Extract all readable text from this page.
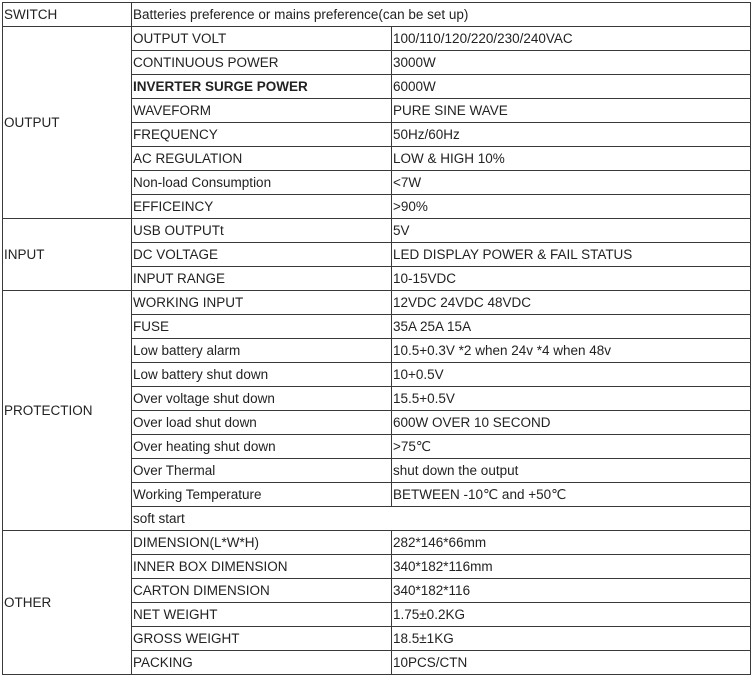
SWITCH	Batteries preference or mains preference(can be set up)	
OUTPUT	OUTPUT VOLT	100/110/120/220/230/240VAC
	CONTINUOUS POWER	3000W
	INVERTER SURGE POWER	6000W
	WAVEFORM	PURE SINE WAVE
	FREQUENCY	50Hz/60Hz
	AC REGULATION	LOW & HIGH 10%
	Non-load Consumption	<7W
	EFFICEINCY	>90%
INPUT	USB OUTPUTt	5V
	DC VOLTAGE	LED DISPLAY POWER & FAIL STATUS
	INPUT RANGE	10-15VDC
PROTECTION	WORKING INPUT	12VDC 24VDC 48VDC
	FUSE	35A 25A 15A
	Low battery alarm	10.5+0.3V *2 when 24v *4 when 48v
	Low battery shut down	10+0.5V
	Over voltage shut down	15.5+0.5V
	Over load shut down	600W OVER 10 SECOND
	Over heating shut down	>75℃
	Over Thermal	shut down the output
	Working Temperature	BETWEEN -10℃ and +50℃
	soft start	
OTHER	DIMENSION(L*W*H)	282*146*66mm
	INNER BOX DIMENSION	340*182*116mm
	CARTON DIMENSION	340*182*116
	NET WEIGHT	1.75±0.2KG
	GROSS WEIGHT	18.5±1KG
	PACKING	10PCS/CTN
